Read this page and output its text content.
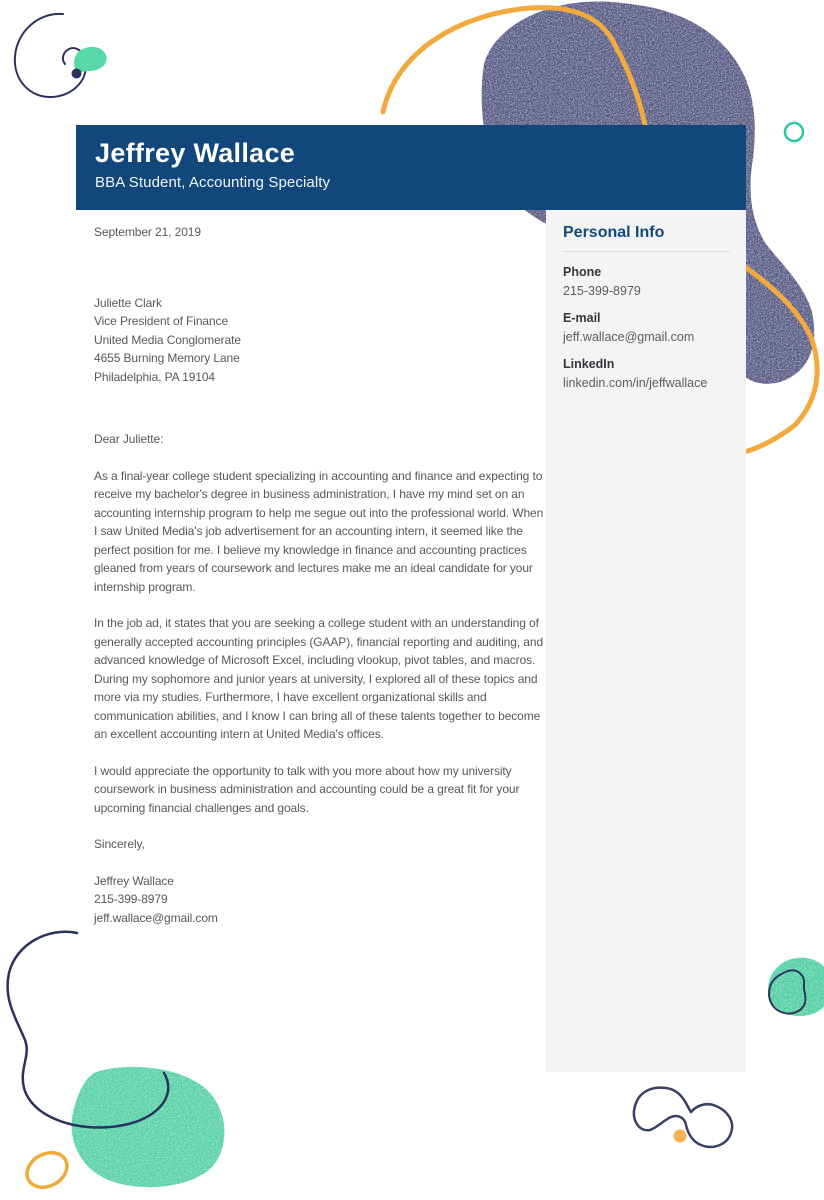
Jeffrey Wallace
BBA Student, Accounting Specialty
Personal Info
Phone
215-399-8979
E-mail
jeff.wallace@gmail.com
LinkedIn
linkedin.com/in/jeffwallace
September 21, 2019
Juliette Clark
Vice President of Finance
United Media Conglomerate
4655 Burning Memory Lane
Philadelphia, PA 19104
Dear Juliette:

As a final-year college student specializing in accounting and finance and expecting to receive my bachelor's degree in business administration, I have my mind set on an accounting internship program to help me segue out into the professional world. When I saw United Media's job advertisement for an accounting intern, it seemed like the perfect position for me. I believe my knowledge in finance and accounting practices gleaned from years of coursework and lectures make me an ideal candidate for your internship program.

In the job ad, it states that you are seeking a college student with an understanding of generally accepted accounting principles (GAAP), financial reporting and auditing, and advanced knowledge of Microsoft Excel, including vlookup, pivot tables, and macros. During my sophomore and junior years at university, I explored all of these topics and more via my studies. Furthermore, I have excellent organizational skills and communication abilities, and I know I can bring all of these talents together to become an excellent accounting intern at United Media's offices.

I would appreciate the opportunity to talk with you more about how my university coursework in business administration and accounting could be a great fit for your upcoming financial challenges and goals.

Sincerely,
Jeffrey Wallace
215-399-8979
jeff.wallace@gmail.com
